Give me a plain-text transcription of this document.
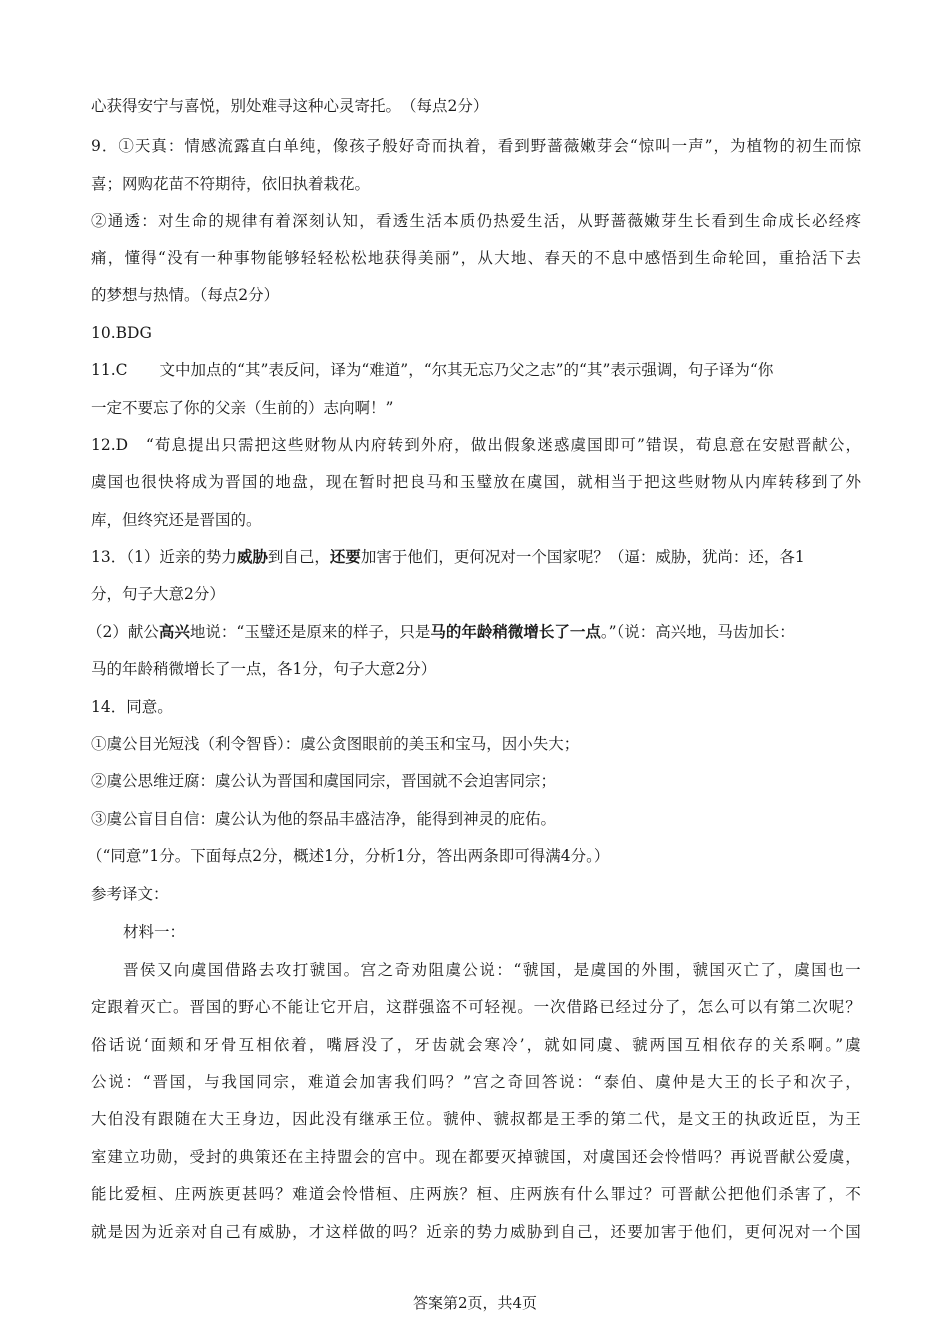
心获得安宁与喜悦，别处难寻这种心灵寄托。　（每点2分）
9．①天真：情感流露直白单纯，像孩子般好奇而执着，看到野蔷薇嫩芽会“惊叫一声”，为植物的初生而惊
喜；网购花苗不符期待，依旧执着栽花。
②通透：对生命的规律有着深刻认知，看透生活本质仍热爱生活，从野蔷薇嫩芽生长看到生命成长必经疼
痛，懂得“没有一种事物能够轻轻松松地获得美丽”，从大地、春天的不息中感悟到生命轮回，重拾活下去
的梦想与热情。（每点2分）
10.BDG
11.C 文中加点的“其”表反问，译为“难道”，“尔其无忘乃父之志”的“其”表示强调，句子译为“你
一定不要忘了你的父亲（生前的）志向啊！”
12.D　“荀息提出只需把这些财物从内府转到外府，做出假象迷惑虞国即可”错误，荀息意在安慰晋献公，
虞国也很快将成为晋国的地盘，现在暂时把良马和玉璧放在虞国，就相当于把这些财物从内库转移到了外
库，但终究还是晋国的。
13．（1）近亲的势力威胁到自己，还要加害于他们，更何况对一个国家呢？（逼：威胁，犹尚：还，各1
分，句子大意2分）
（2）献公高兴地说：“玉璧还是原来的样子，只是马的年龄稍微增长了一点。”（说：高兴地，马齿加长：
马的年龄稍微增长了一点，各1分，句子大意2分）
14．同意。
①虞公目光短浅（利令智昏）：虞公贪图眼前的美玉和宝马，因小失大；
②虞公思维迂腐：虞公认为晋国和虞国同宗，晋国就不会迫害同宗；
③虞公盲目自信：虞公认为他的祭品丰盛洁净，能得到神灵的庇佑。
（“同意”1分。下面每点2分，概述1分，分析1分，答出两条即可得满4分。）
参考译文：
材料一：
晋侯又向虞国借路去攻打虢国。宫之奇劝阻虞公说：“虢国，是虞国的外围，虢国灭亡了，虞国也一
定跟着灭亡。晋国的野心不能让它开启，这群强盗不可轻视。一次借路已经过分了，怎么可以有第二次呢？
俗话说‘面颊和牙骨互相依着，嘴唇没了，牙齿就会寒冷’，就如同虞、虢两国互相依存的关系啊。”虞
公说：“晋国，与我国同宗，难道会加害我们吗？”宫之奇回答说：“泰伯、虞仲是大王的长子和次子，
大伯没有跟随在大王身边，因此没有继承王位。虢仲、虢叔都是王季的第二代，是文王的执政近臣，为王
室建立功勋，受封的典策还在主持盟会的宫中。现在都要灭掉虢国，对虞国还会怜惜吗？再说晋献公爱虞，
能比爱桓、庄两族更甚吗？难道会怜惜桓、庄两族？桓、庄两族有什么罪过？可晋献公把他们杀害了，不
就是因为近亲对自己有威胁，才这样做的吗？近亲的势力威胁到自己，还要加害于他们，更何况对一个国
答案第2页，共4页
